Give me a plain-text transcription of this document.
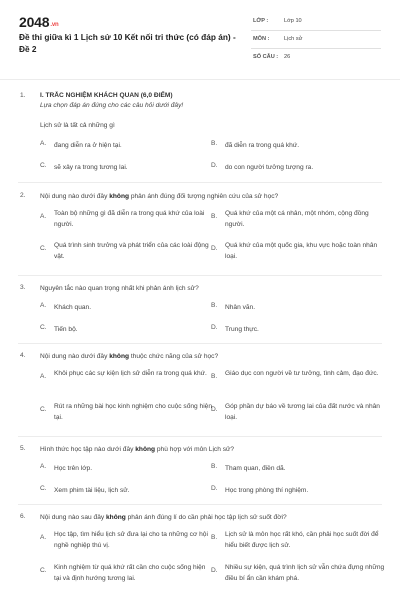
2048.vn
Đề thi giữa kì 1 Lịch sử 10 Kết nối tri thức (có đáp án) - Đề 2
LỚP :	Lớp 10
MÔN :	Lịch sử
SỐ CÂU : 26
1. I. TRẮC NGHIỆM KHÁCH QUAN (6,0 ĐIỂM)
Lựa chọn đáp án đúng cho các câu hỏi dưới đây!
Lịch sử là tất cả những gì
A. đang diễn ra ở hiện tại.	B. đã diễn ra trong quá khứ.
C. sẽ xảy ra trong tương lai.	D. do con người tưởng tượng ra.
2. Nội dung nào dưới đây không phản ánh đúng đối tượng nghiên cứu của sử học?
A. Toàn bộ những gì đã diễn ra trong quá khứ của loài người.
B. Quá khứ của một cá nhân, một nhóm, cộng đồng người.
C. Quá trình sinh trưởng và phát triển của các loài động vật.
D. Quá khứ của một quốc gia, khu vực hoặc toàn nhân loại.
3. Nguyên tắc nào quan trọng nhất khi phản ánh lịch sử?
A. Khách quan.	B. Nhân văn.
C. Tiến bộ.	D. Trung thực.
4. Nội dung nào dưới đây không thuộc chức năng của sử học?
A. Khôi phục các sự kiện lịch sử diễn ra trong quá khứ. B. Giáo dục con người về tư tưởng, tình cảm, đạo đức.
C. Rút ra những bài học kinh nghiệm cho cuộc sống hiện tại.
D. Góp phần dự báo về tương lai của đất nước và nhân loại.
5. Hình thức học tập nào dưới đây không phù hợp với môn Lịch sử?
A. Học trên lớp.	B. Tham quan, điền dã.
C. Xem phim tài liệu, lịch sử.	D. Học trong phòng thí nghiệm.
6. Nội dung nào sau đây không phản ánh đúng lí do cần phải học tập lịch sử suốt đời?
A. Học tập, tìm hiểu lịch sử đưa lại cho ta những cơ hội nghề nghiệp thú vị.
B. Lịch sử là môn học rất khó, cần phải học suốt đời để hiểu biết được lịch sử.
C. Kinh nghiệm từ quá khứ rất cần cho cuộc sống hiện tại và định hướng tương lai.
D. Nhiều sự kiện, quá trình lịch sử vẫn chứa đựng những điều bí ẩn cần khám phá.
